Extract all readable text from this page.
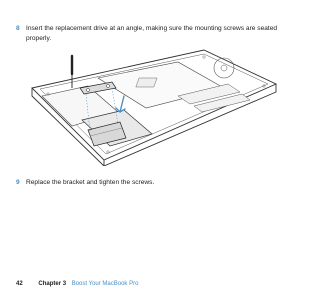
8 Insert the replacement drive at an angle, making sure the mounting screws are seated properly.
9 Replace the bracket and tighten the screws.
42	Chapter 3 Boost Your MacBook Pro
